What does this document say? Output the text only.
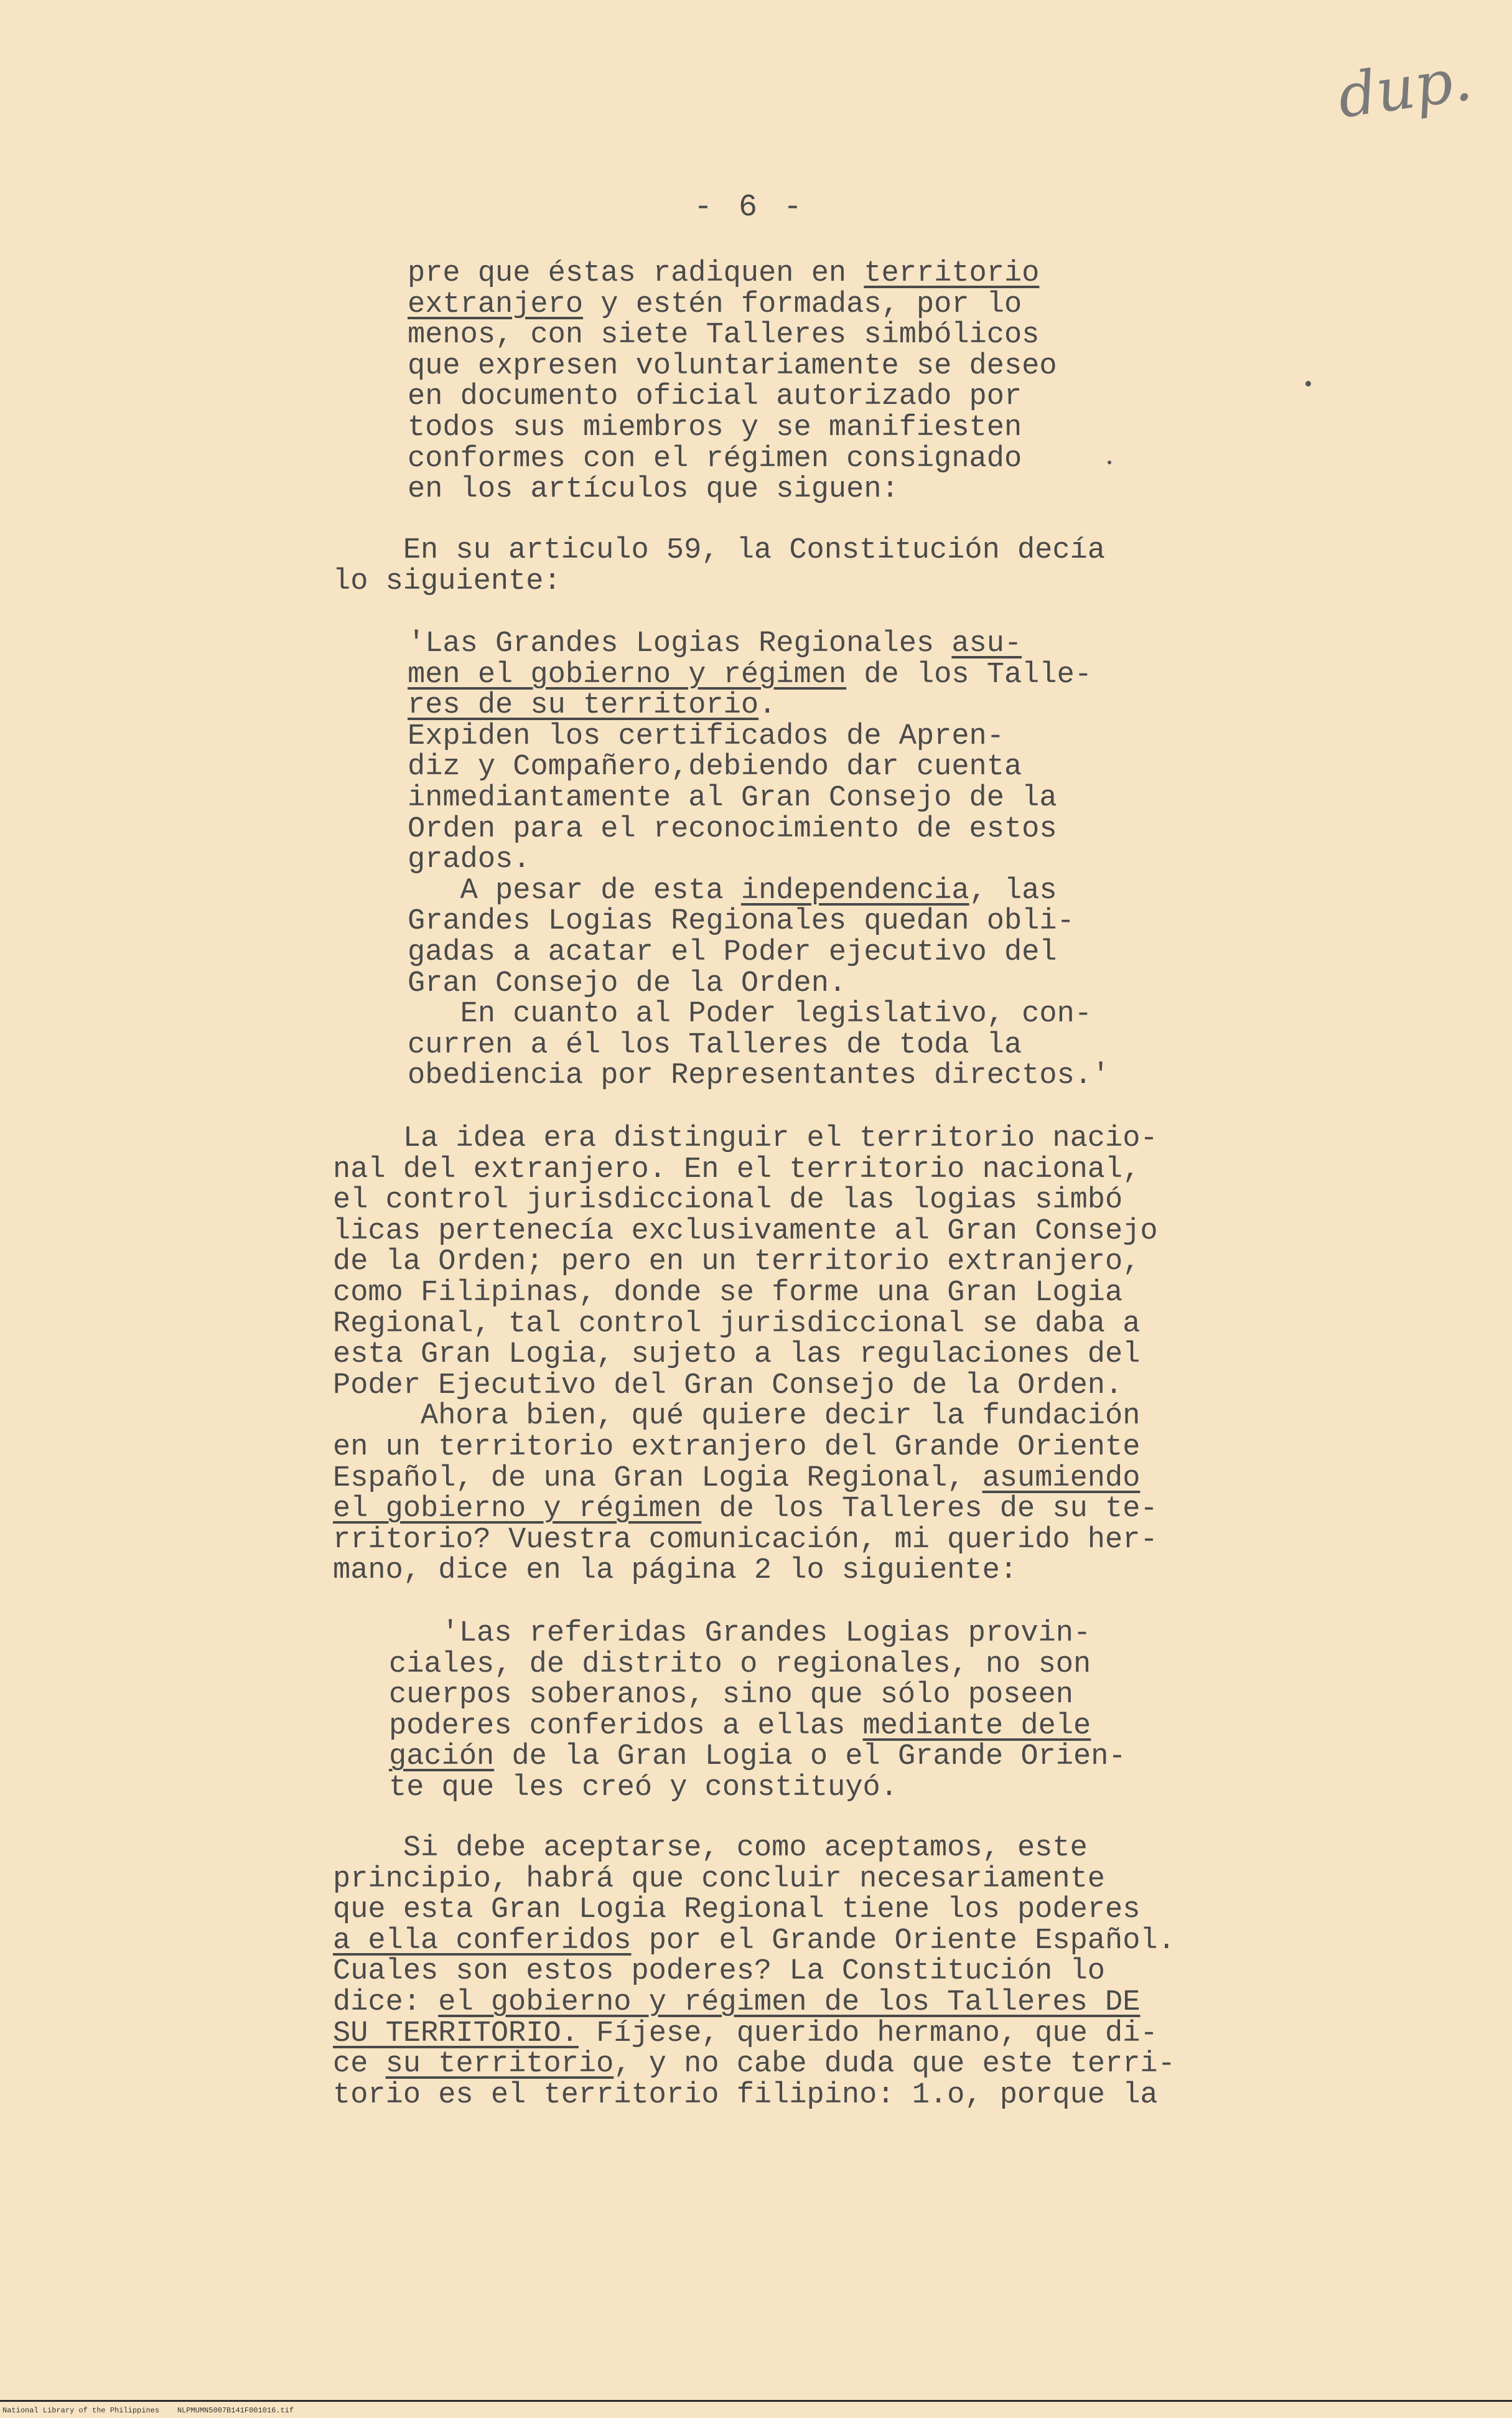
dup.
- 6 -
pre que éstas radiquen en territorio
extranjero y estén formadas, por lo
menos, con siete Talleres simbólicos
que expresen voluntariamente se deseo
en documento oficial autorizado por
todos sus miembros y se manifiesten
conformes con el régimen consignado
en los artículos que siguen:
En su articulo 59, la Constitución decía
lo siguiente:
'Las Grandes Logias Regionales asu-
men el gobierno y régimen de los Talle-
res de su territorio.
Expiden los certificados de Apren-
diz y Compañero,debiendo dar cuenta
inmediantamente al Gran Consejo de la
Orden para el reconocimiento de estos
grados.
A pesar de esta independencia, las
Grandes Logias Regionales quedan obli-
gadas a acatar el Poder ejecutivo del
Gran Consejo de la Orden.
En cuanto al Poder legislativo, con-
curren a él los Talleres de toda la
obediencia por Representantes directos.'
La idea era distinguir el territorio nacio-
nal del extranjero. En el territorio nacional,
el control jurisdiccional de las logias simbó
licas pertenecía exclusivamente al Gran Consejo
de la Orden; pero en un territorio extranjero,
como Filipinas, donde se forme una Gran Logia
Regional, tal control jurisdiccional se daba a
esta Gran Logia, sujeto a las regulaciones del
Poder Ejecutivo del Gran Consejo de la Orden.
Ahora bien, qué quiere decir la fundación
en un territorio extranjero del Grande Oriente
Español, de una Gran Logia Regional, asumiendo
el gobierno y régimen de los Talleres de su te-
rritorio? Vuestra comunicación, mi querido her-
mano, dice en la página 2 lo siguiente:
'Las referidas Grandes Logias provin-
ciales, de distrito o regionales, no son
cuerpos soberanos, sino que sólo poseen
poderes conferidos a ellas mediante dele
gación de la Gran Logia o el Grande Orien-
te que les creó y constituyó.
Si debe aceptarse, como aceptamos, este
principio, habrá que concluir necesariamente
que esta Gran Logia Regional tiene los poderes
a ella conferidos por el Grande Oriente Español.
Cuales son estos poderes? La Constitución lo
dice: el gobierno y régimen de los Talleres DE
SU TERRITORIO. Fíjese, querido hermano, que di-
ce su territorio, y no cabe duda que este terri-
torio es el territorio filipino: 1.o, porque la
National Library of the Philippines    NLPMUMN5007B141F001016.tif
